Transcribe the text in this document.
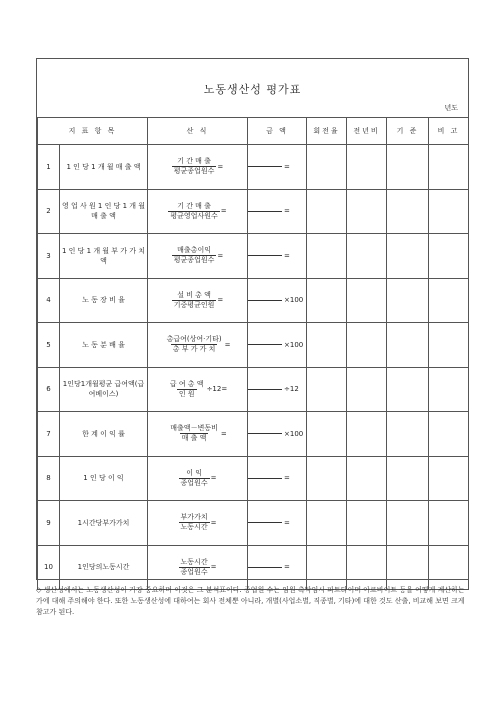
노동생산성 평가표
년도
지 표 항 목		산 식	금 액	회전율	전년비	기 준	비 고
1	1 인 당 1 개 월 매 출 액	$\frac{\text{기 간 매 출}}{\text{평균종업원수}}$ =	=				
2	영 업 사 원 1 인 당 1 개 월 매 출 액	$\frac{\text{기 간 매 출}}{\text{평균영업사원수}}$ =	=				
3	1 인 당 1 개 월 부 가 가 치 액	$\frac{\text{매출총이익}}{\text{평균종업원수}}$ =	=				
4	노 동 장 비 율	$\frac{\text{설 비 총 액}}{\text{기중평균인원}}$ =	×100				
5	노 동 분 배 율	$\frac{\text{총급여(상여·기타)}}{\text{총 부 가 가 치}}$ =	×100				
6	1인당1개월평균 급여액(급여베이스)	$\frac{\text{급 여 총 액}}{\text{인 원}} \div 12=$	÷12				
7	한 계 이 익 률	$\frac{\text{매출액－변동비}}{\text{매 출 액}}$ =	×100				
8	1 인 당 이 익	$\frac{\text{이 익}}{\text{종업원수}}$ =	=				
9	1시간당부가가치	$\frac{\text{부가가치}}{\text{노동시간}}$ =	=				
10	1인당의노동시간	$\frac{\text{노동시간}}{\text{종업원수}}$ =	=				
◇ 생산성에서는 노동생산성이 가장 중요하며 이것은 그 분석표이다. 종업원 수는 임원·촉탁임시·파트타이머·아르바이트 등을 어떻게 계산하는가에 대해 주의해야 한다. 또한 노동생산성에 대하여는 회사 전체뿐 아니라, 개별(사업소별, 직종별, 기타)에 대한 것도 산출, 비교해 보면 크게 참고가 된다.
